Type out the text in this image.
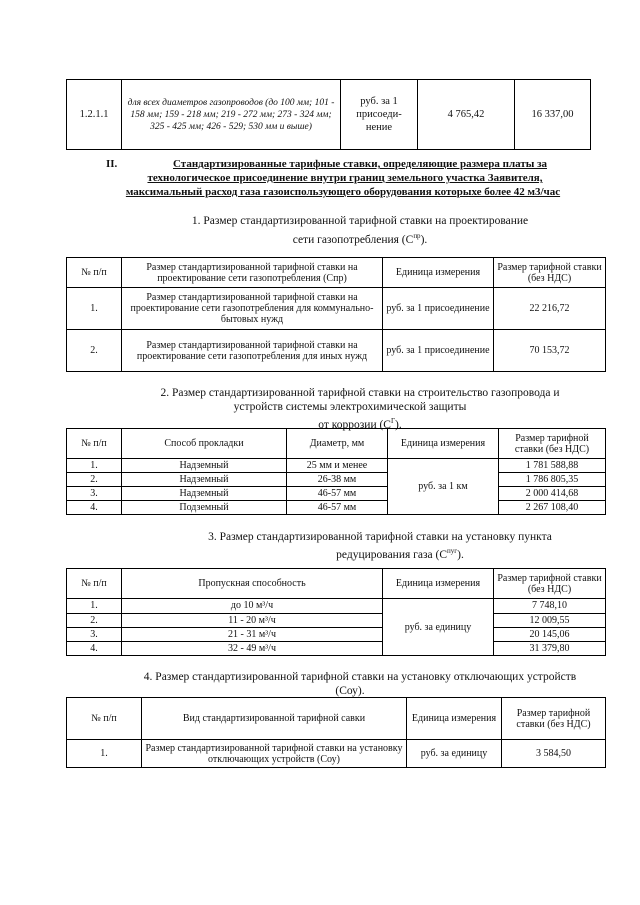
1.2.1.1	для всех диаметров газопроводов (до 100 мм; 101 - 158 мм; 159 - 218 мм; 219 - 272 мм; 273 - 324 мм; 325 - 425 мм; 426 - 529; 530 мм и выше)	руб. за 1 присоеди-нение	4 765,42	16 337,00
II.	Стандартизированные тарифные ставки, определяющие размера платы за
технологическое присоединение внутри границ земельного участка Заявителя,
максимальный расход газа газоиспользующего оборудования которыхе более 42 м3/час
1. Размер стандартизированной тарифной ставки на проектирование
сети газопотребления $(С^{пр})$.
№ п/п	Размер стандартизированной тарифной ставки на проектирование сети газопотребления (Спр)	Единица измерения	Размер тарифной ставки (без НДС)
1.	Размер стандартизированной тарифной ставки на проектирование сети газопотребления для коммунально-бытовых нужд	руб. за 1 присоединение	22 216,72
2.	Размер стандартизированной тарифной ставки на проектирование сети газопотребления для иных нужд	руб. за 1 присоединение	70 153,72
2. Размер стандартизированной тарифной ставки на строительство газопровода и
устройств системы электрохимической защиты
от коррозии $(С^Г)$.
№ п/п	Способ прокладки	Диаметр, мм	Единица измерения	Размер тарифной ставки (без НДС)
1.	Надземный	25 мм и менее	руб. за 1 км	1 781 588,88
2.	Надземный	26-38 мм		1 786 805,35
3.	Надземный	46-57 мм		2 000 414,68
4.	Подземный	46-57 мм		2 267 108,40
3. Размер стандартизированной тарифной ставки на установку пункта
редуцирования газа $(С^{пуг})$.
№ п/п	Пропускная способность	Единица измерения	Размер тарифной ставки (без НДС)
1.	до 10 м³/ч	руб. за единицу	7 748,10
2.	11 - 20 м³/ч		12 009,55
3.	21 - 31 м³/ч		20 145,06
4.	32 - 49 м³/ч		31 379,80
4. Размер стандартизированной тарифной ставки на установку отключающих устройств
(Соу).
№ п/п	Вид стандартизированной тарифной савки	Единица измерения	Размер тарифной ставки (без НДС)
1.	Размер стандартизированной тарифной ставки на установку отключающих устройств (Соу)	руб. за единицу	3 584,50
